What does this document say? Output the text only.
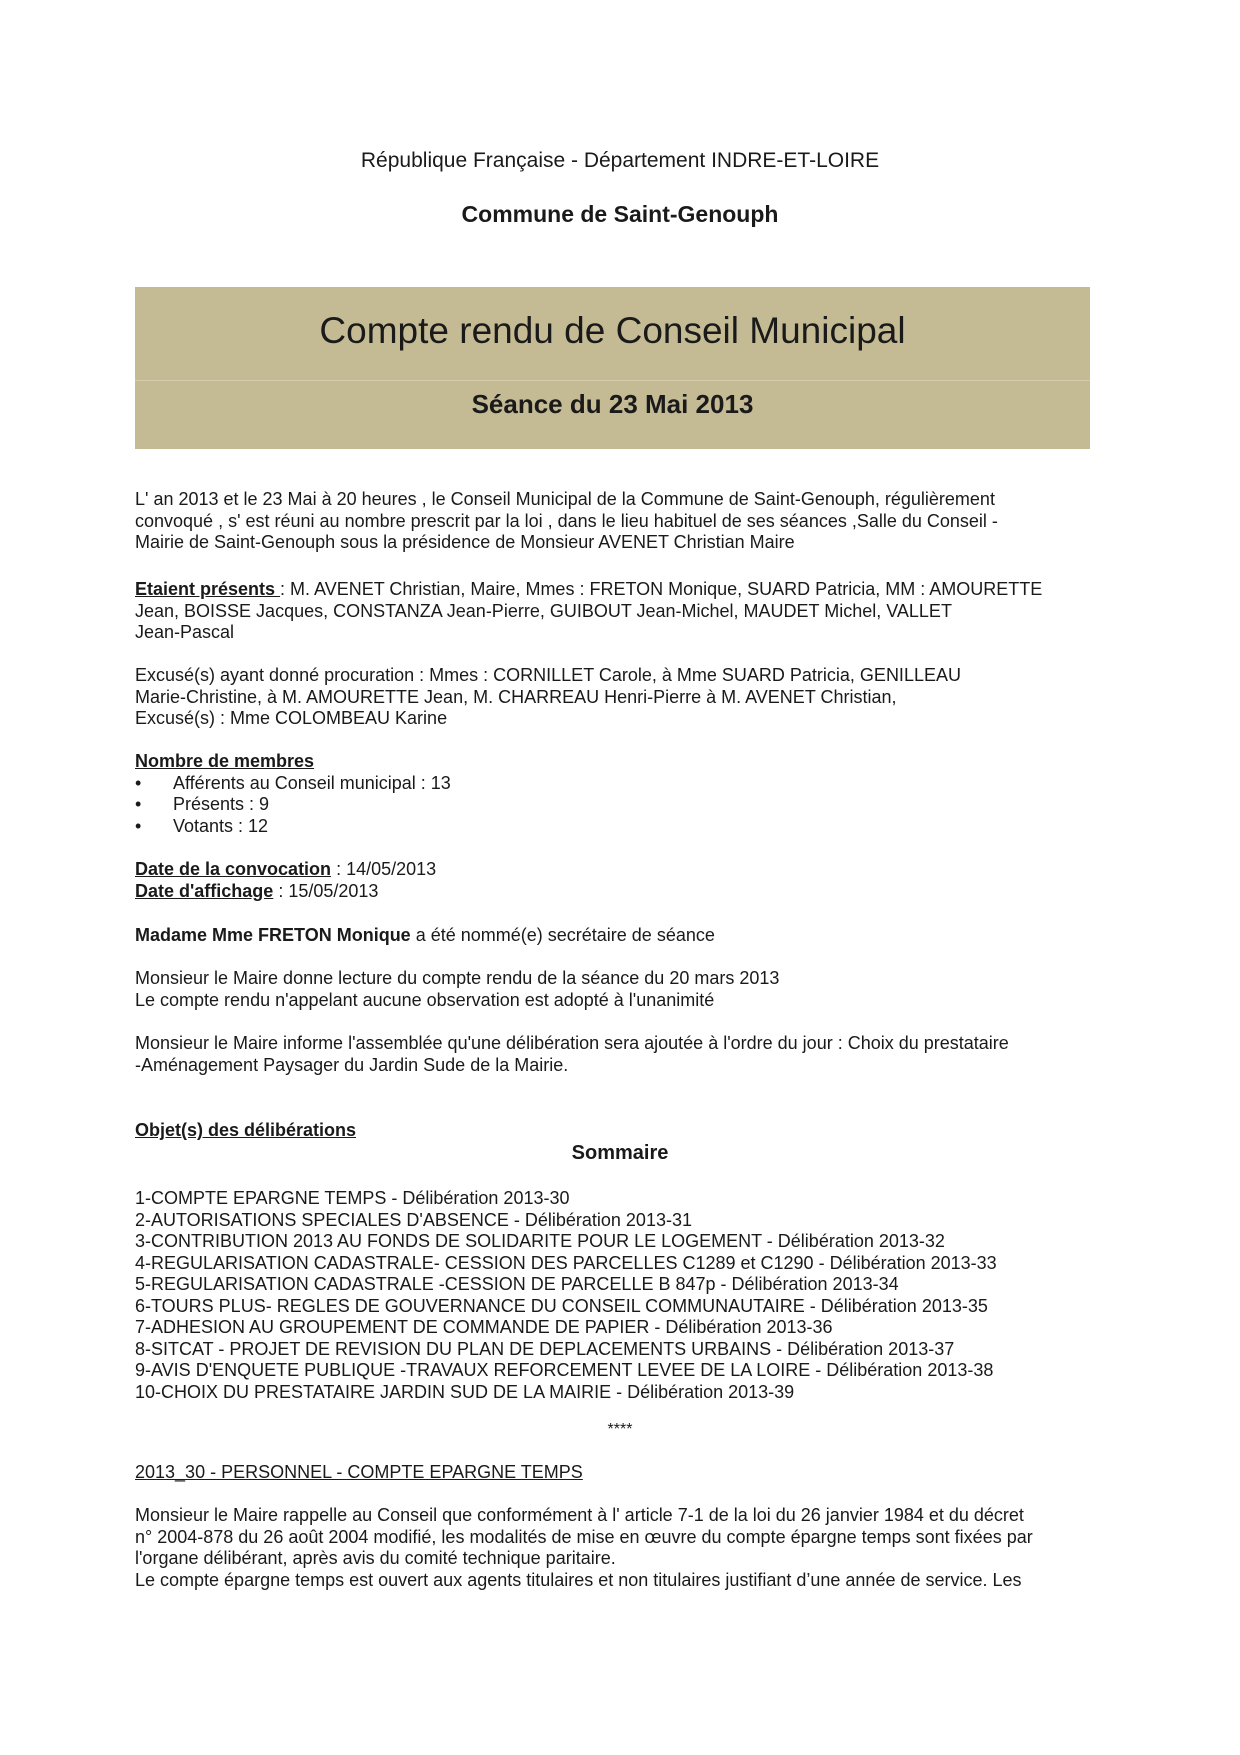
République Française - Département INDRE-ET-LOIRE
Commune de Saint-Genouph
Compte rendu de Conseil Municipal
Séance du 23 Mai 2013
L' an 2013 et le 23 Mai à 20 heures , le Conseil Municipal de la Commune de Saint-Genouph, régulièrement
convoqué , s' est réuni au nombre prescrit par la loi , dans le lieu habituel de ses séances ,Salle du Conseil -
Mairie de Saint-Genouph sous la présidence de Monsieur AVENET Christian Maire
Etaient présents : M. AVENET Christian, Maire, Mmes : FRETON Monique, SUARD Patricia, MM : AMOURETTE
Jean, BOISSE Jacques, CONSTANZA Jean-Pierre, GUIBOUT Jean-Michel, MAUDET Michel, VALLET
Jean-Pascal
Excusé(s) ayant donné procuration : Mmes : CORNILLET Carole, à Mme SUARD Patricia, GENILLEAU
Marie-Christine, à M. AMOURETTE Jean, M. CHARREAU Henri-Pierre à M. AVENET Christian,
Excusé(s) : Mme COLOMBEAU Karine
Nombre de membres
• Afférents au Conseil municipal : 13
• Présents : 9
• Votants : 12
Date de la convocation : 14/05/2013
Date d'affichage : 15/05/2013
Madame Mme FRETON Monique a été nommé(e) secrétaire de séance
Monsieur le Maire donne lecture du compte rendu de la séance du 20 mars 2013
Le compte rendu n'appelant aucune observation est adopté à l'unanimité
Monsieur le Maire informe l'assemblée qu'une délibération sera ajoutée à l'ordre du jour : Choix du prestataire
-Aménagement Paysager du Jardin Sude de la Mairie.
Objet(s) des délibérations
Sommaire
1-COMPTE EPARGNE TEMPS - Délibération 2013-30
2-AUTORISATIONS SPECIALES D'ABSENCE - Délibération 2013-31
3-CONTRIBUTION 2013 AU FONDS DE SOLIDARITE POUR LE LOGEMENT - Délibération 2013-32
4-REGULARISATION CADASTRALE- CESSION DES PARCELLES C1289 et C1290 - Délibération 2013-33
5-REGULARISATION CADASTRALE -CESSION DE PARCELLE B 847p - Délibération 2013-34
6-TOURS PLUS- REGLES DE GOUVERNANCE DU CONSEIL COMMUNAUTAIRE - Délibération 2013-35
7-ADHESION AU GROUPEMENT DE COMMANDE DE PAPIER - Délibération 2013-36
8-SITCAT - PROJET DE REVISION DU PLAN DE DEPLACEMENTS URBAINS - Délibération 2013-37
9-AVIS D'ENQUETE PUBLIQUE -TRAVAUX REFORCEMENT LEVEE DE LA LOIRE - Délibération 2013-38
10-CHOIX DU PRESTATAIRE JARDIN SUD DE LA MAIRIE - Délibération 2013-39
****
2013_30 - PERSONNEL - COMPTE EPARGNE TEMPS
Monsieur le Maire rappelle au Conseil que conformément à l' article 7-1 de la loi du 26 janvier 1984 et du décret
n° 2004-878 du 26 août 2004 modifié, les modalités de mise en œuvre du compte épargne temps sont fixées par
l'organe délibérant, après avis du comité technique paritaire.
Le compte épargne temps est ouvert aux agents titulaires et non titulaires justifiant d’une année de service. Les
